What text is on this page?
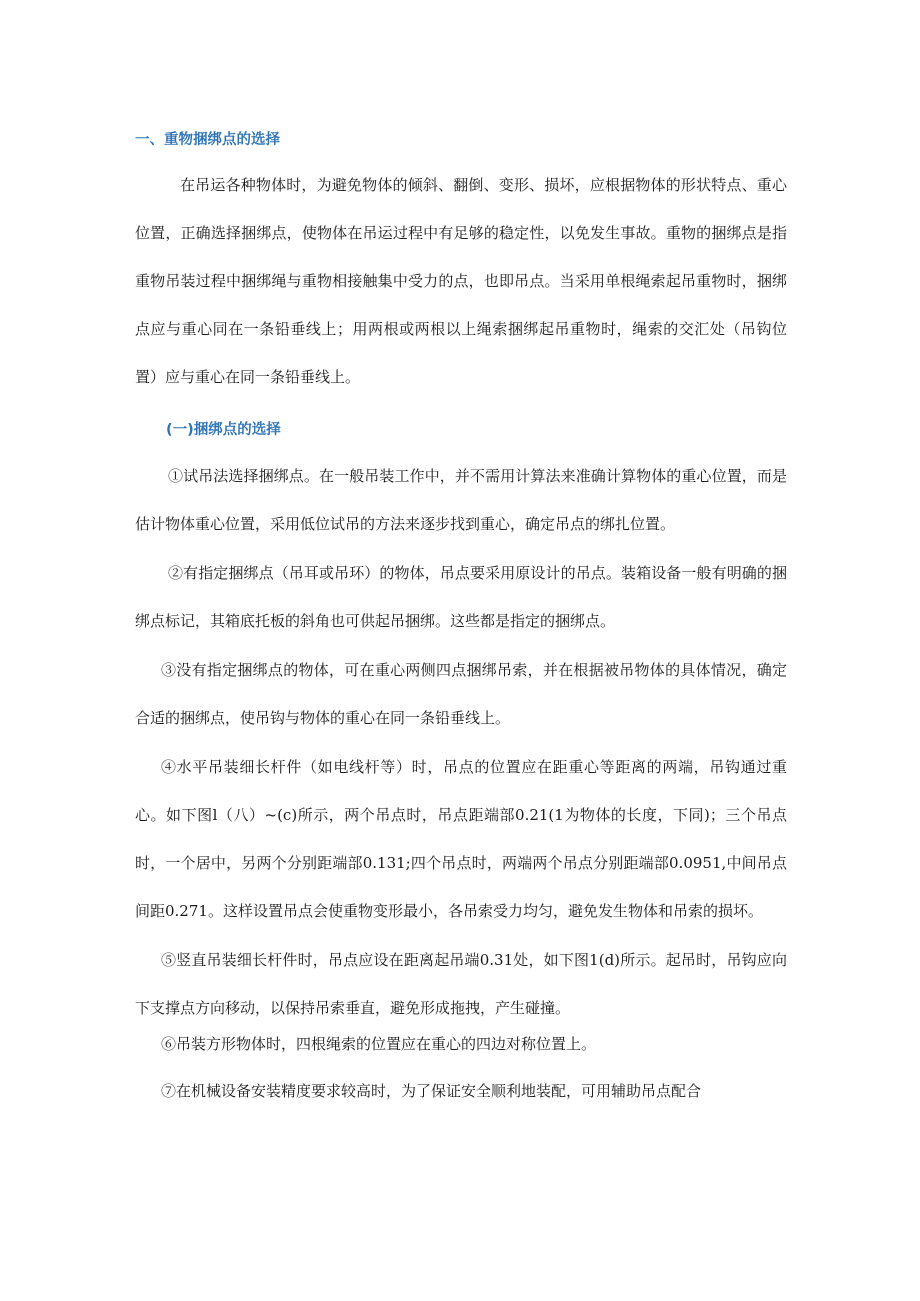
一、重物捆绑点的选择

在吊运各种物体时，为避免物体的倾斜、翻倒、变形、损坏，应根据物体的形状特点、重心位置，正确选择捆绑点，使物体在吊运过程中有足够的稳定性，以免发生事故。重物的捆绑点是指重物吊装过程中捆绑绳与重物相接触集中受力的点，也即吊点。当采用单根绳索起吊重物时，捆绑点应与重心同在一条铅垂线上；用两根或两根以上绳索捆绑起吊重物时，绳索的交汇处（吊钩位置）应与重心在同一条铅垂线上。

(一)捆绑点的选择

①试吊法选择捆绑点。在一般吊装工作中，并不需用计算法来准确计算物体的重心位置，而是估计物体重心位置，采用低位试吊的方法来逐步找到重心，确定吊点的绑扎位置。

②有指定捆绑点（吊耳或吊环）的物体，吊点要采用原设计的吊点。装箱设备一般有明确的捆绑点标记，其箱底托板的斜角也可供起吊捆绑。这些都是指定的捆绑点。

③没有指定捆绑点的物体，可在重心两侧四点捆绑吊索，并在根据被吊物体的具体情况，确定合适的捆绑点，使吊钩与物体的重心在同一条铅垂线上。

④水平吊装细长杆件（如电线杆等）时，吊点的位置应在距重心等距离的两端，吊钩通过重心。如下图l（八）~(c)所示，两个吊点时，吊点距端部0.21(1为物体的长度，下同)；三个吊点时，一个居中，另两个分别距端部0.131;四个吊点时，两端两个吊点分别距端部0.0951,中间吊点间距0.271。这样设置吊点会使重物变形最小，各吊索受力均匀，避免发生物体和吊索的损坏。

⑤竖直吊装细长杆件时，吊点应设在距离起吊端0.31处，如下图1(d)所示。起吊时，吊钩应向下支撑点方向移动，以保持吊索垂直，避免形成拖拽，产生碰撞。

⑥吊装方形物体时，四根绳索的位置应在重心的四边对称位置上。

⑦在机械设备安装精度要求较高时，为了保证安全顺利地装配，可用辅助吊点配合
